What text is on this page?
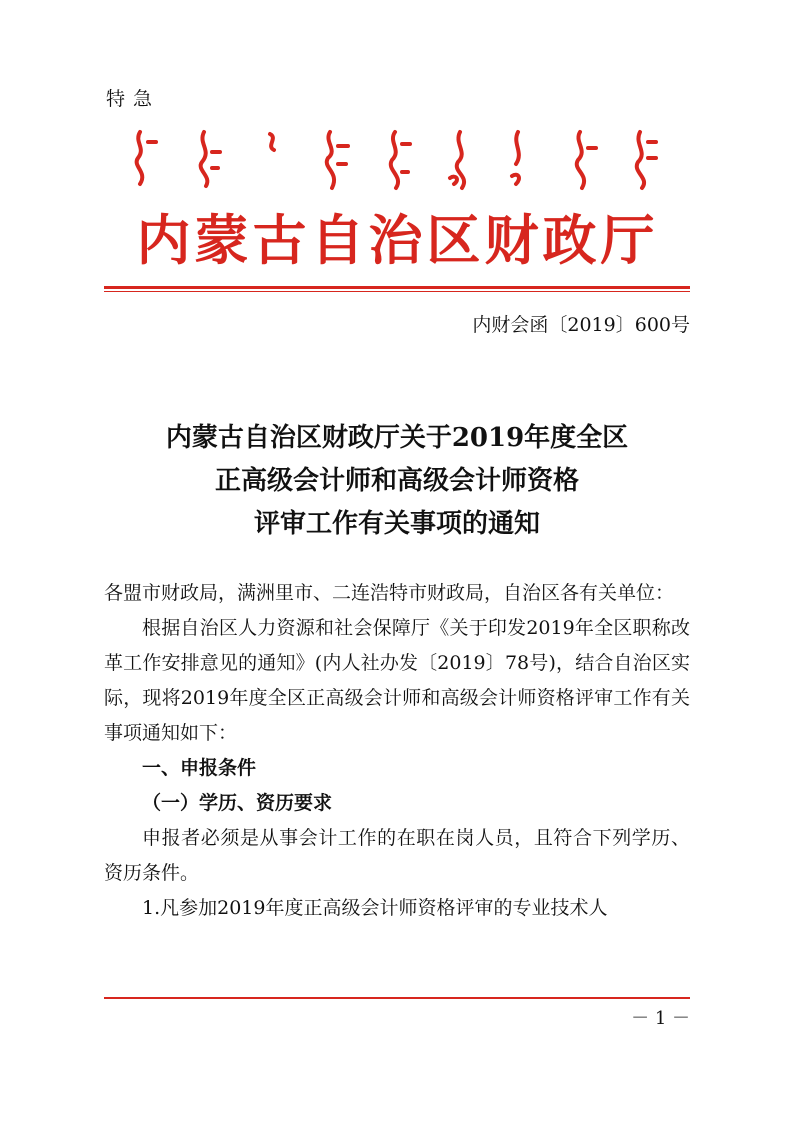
特急
内蒙古自治区财政厅
内财会函〔2019〕600号
内蒙古自治区财政厅关于2019年度全区
正高级会计师和高级会计师资格
评审工作有关事项的通知

各盟市财政局，满洲里市、二连浩特市财政局，自治区各有关单位：

根据自治区人力资源和社会保障厅《关于印发2019年全区职称改革工作安排意见的通知》(内人社办发〔2019〕78号)，结合自治区实际，现将2019年度全区正高级会计师和高级会计师资格评审工作有关事项通知如下：

一、申报条件

（一）学历、资历要求

申报者必须是从事会计工作的在职在岗人员，且符合下列学历、资历条件。

1.凡参加2019年度正高级会计师资格评审的专业技术人

－ 1 －
